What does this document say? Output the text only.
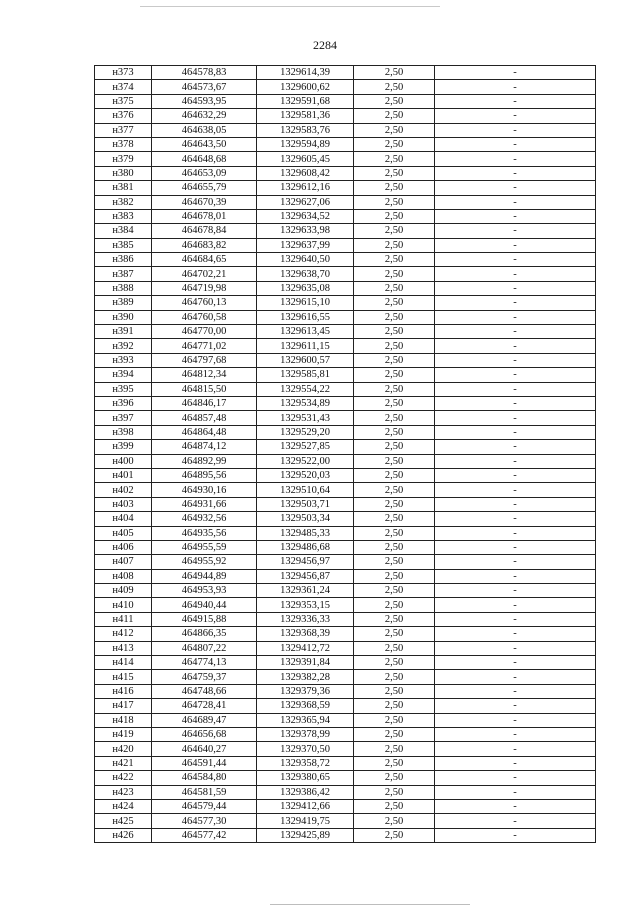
2284
н373	464578,83	1329614,39	2,50	-
н374	464573,67	1329600,62	2,50	-
н375	464593,95	1329591,68	2,50	-
н376	464632,29	1329581,36	2,50	-
н377	464638,05	1329583,76	2,50	-
н378	464643,50	1329594,89	2,50	-
н379	464648,68	1329605,45	2,50	-
н380	464653,09	1329608,42	2,50	-
н381	464655,79	1329612,16	2,50	-
н382	464670,39	1329627,06	2,50	-
н383	464678,01	1329634,52	2,50	-
н384	464678,84	1329633,98	2,50	-
н385	464683,82	1329637,99	2,50	-
н386	464684,65	1329640,50	2,50	-
н387	464702,21	1329638,70	2,50	-
н388	464719,98	1329635,08	2,50	-
н389	464760,13	1329615,10	2,50	-
н390	464760,58	1329616,55	2,50	-
н391	464770,00	1329613,45	2,50	-
н392	464771,02	1329611,15	2,50	-
н393	464797,68	1329600,57	2,50	-
н394	464812,34	1329585,81	2,50	-
н395	464815,50	1329554,22	2,50	-
н396	464846,17	1329534,89	2,50	-
н397	464857,48	1329531,43	2,50	-
н398	464864,48	1329529,20	2,50	-
н399	464874,12	1329527,85	2,50	-
н400	464892,99	1329522,00	2,50	-
н401	464895,56	1329520,03	2,50	-
н402	464930,16	1329510,64	2,50	-
н403	464931,66	1329503,71	2,50	-
н404	464932,56	1329503,34	2,50	-
н405	464935,56	1329485,33	2,50	-
н406	464955,59	1329486,68	2,50	-
н407	464955,92	1329456,97	2,50	-
н408	464944,89	1329456,87	2,50	-
н409	464953,93	1329361,24	2,50	-
н410	464940,44	1329353,15	2,50	-
н411	464915,88	1329336,33	2,50	-
н412	464866,35	1329368,39	2,50	-
н413	464807,22	1329412,72	2,50	-
н414	464774,13	1329391,84	2,50	-
н415	464759,37	1329382,28	2,50	-
н416	464748,66	1329379,36	2,50	-
н417	464728,41	1329368,59	2,50	-
н418	464689,47	1329365,94	2,50	-
н419	464656,68	1329378,99	2,50	-
н420	464640,27	1329370,50	2,50	-
н421	464591,44	1329358,72	2,50	-
н422	464584,80	1329380,65	2,50	-
н423	464581,59	1329386,42	2,50	-
н424	464579,44	1329412,66	2,50	-
н425	464577,30	1329419,75	2,50	-
н426	464577,42	1329425,89	2,50	-
